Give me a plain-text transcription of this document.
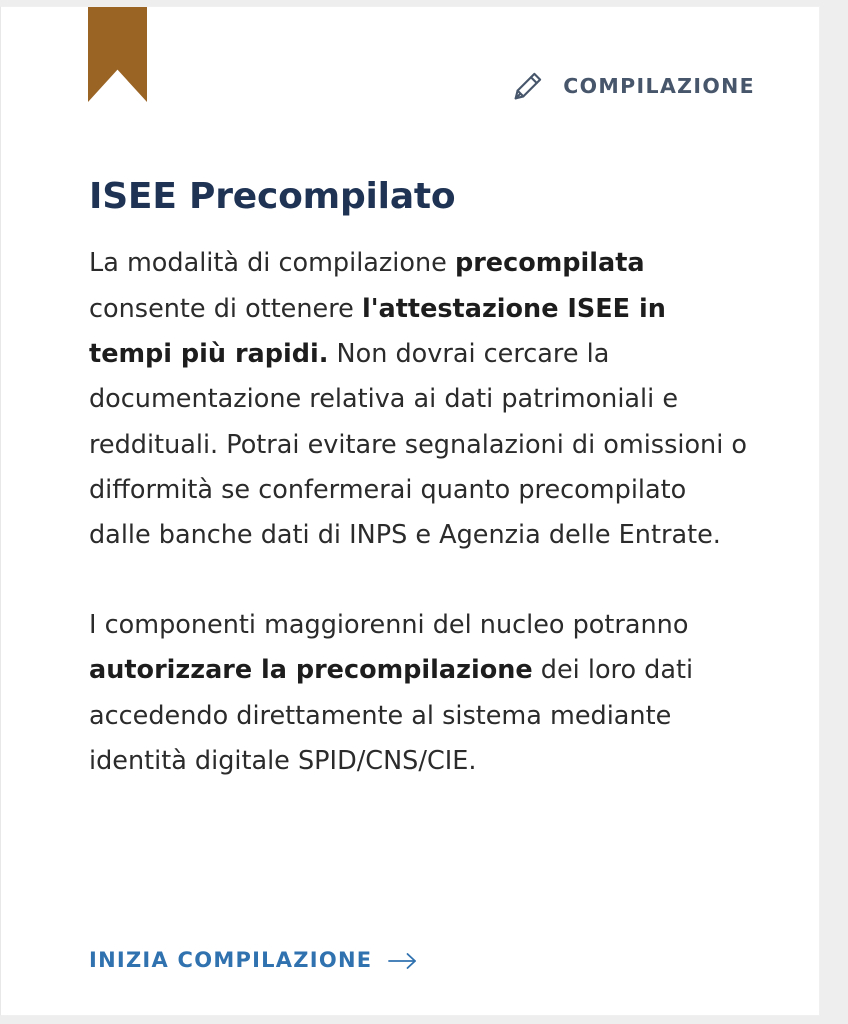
COMPILAZIONE
ISEE Precompilato

La modalità di compilazione precompilata consente di ottenere l'attestazione ISEE in tempi più rapidi. Non dovrai cercare la documentazione relativa ai dati patrimoniali e reddituali. Potrai evitare segnalazioni di omissioni o difformità se confermerai quanto precompilato dalle banche dati di INPS e Agenzia delle Entrate.

I componenti maggiorenni del nucleo potranno autorizzare la precompilazione dei loro dati accedendo direttamente al sistema mediante identità digitale SPID/CNS/CIE.

INIZIA COMPILAZIONE
